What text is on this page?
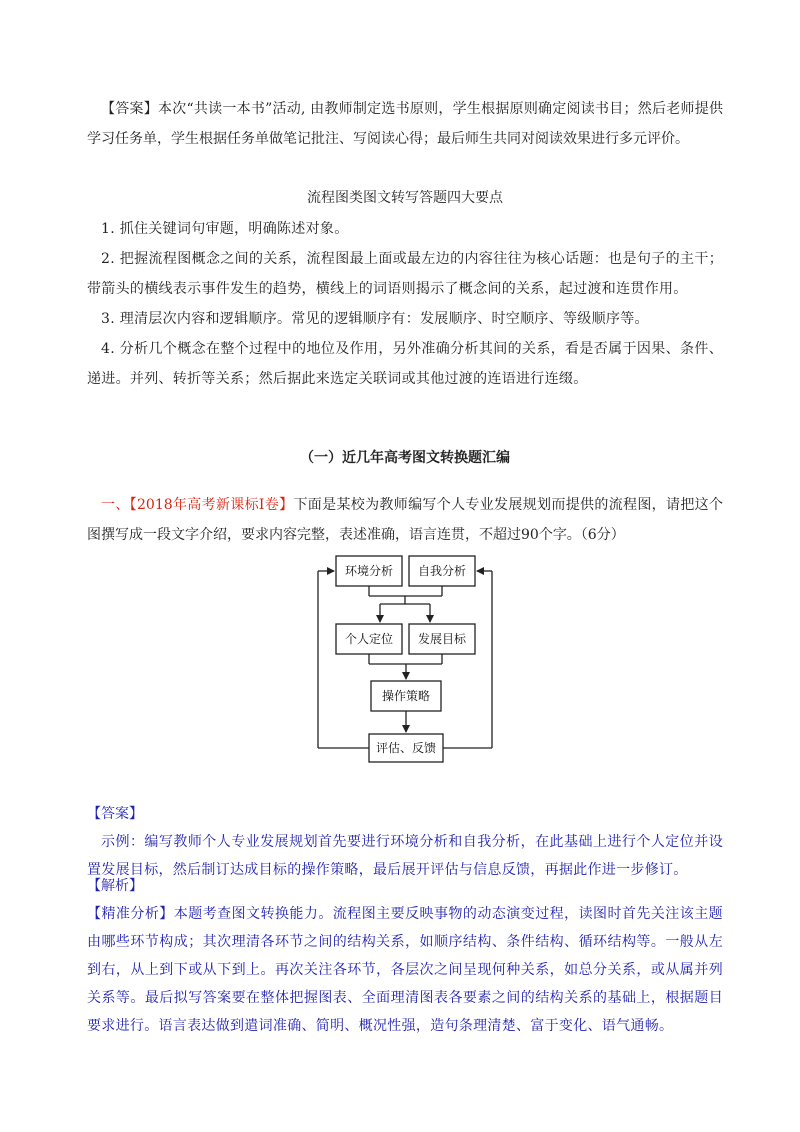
【答案】本次“共读一本书”活动, 由教师制定选书原则，学生根据原则确定阅读书目；然后老师提供学习任务单，学生根据任务单做笔记批注、写阅读心得；最后师生共同对阅读效果进行多元评价。
流程图类图文转写答题四大要点
1. 抓住关键词句审题，明确陈述对象。
2. 把握流程图概念之间的关系，流程图最上面或最左边的内容往往为核心话题：也是句子的主干；带箭头的横线表示事件发生的趋势，横线上的词语则揭示了概念间的关系，起过渡和连贯作用。
3. 理清层次内容和逻辑顺序。常见的逻辑顺序有：发展顺序、时空顺序、等级顺序等。
4. 分析几个概念在整个过程中的地位及作用，另外准确分析其间的关系，看是否属于因果、条件、递进。并列、转折等关系；然后据此来选定关联词或其他过渡的连语进行连缀。
（一）近几年高考图文转换题汇编
一、【2018年高考新课标Ⅰ卷】下面是某校为教师编写个人专业发展规划而提供的流程图，请把这个图撰写成一段文字介绍，要求内容完整，表述准确，语言连贯，不超过90个字。（6分）
环境分析 自我分析
个人定位 发展目标
操作策略
评估、反馈
【答案】
示例：编写教师个人专业发展规划首先要进行环境分析和自我分析，在此基础上进行个人定位并设置发展目标，然后制订达成目标的操作策略，最后展开评估与信息反馈，再据此作进一步修订。
【解析】
【精准分析】本题考查图文转换能力。流程图主要反映事物的动态演变过程，读图时首先关注该主题由哪些环节构成；其次理清各环节之间的结构关系，如顺序结构、条件结构、循环结构等。一般从左到右，从上到下或从下到上。再次关注各环节，各层次之间呈现何种关系，如总分关系，或从属并列关系等。最后拟写答案要在整体把握图表、全面理清图表各要素之间的结构关系的基础上，根据题目要求进行。语言表达做到遣词准确、简明、概况性强，造句条理清楚、富于变化、语气通畅。
